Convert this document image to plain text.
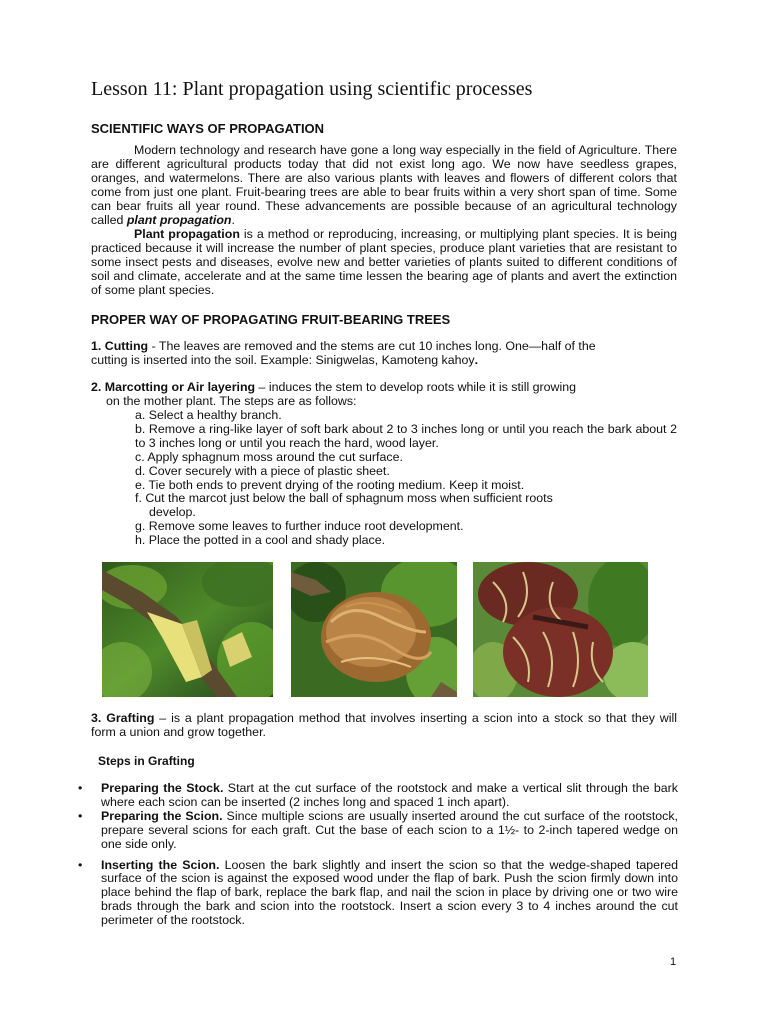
Lesson 11: Plant propagation using scientific processes
SCIENTIFIC WAYS OF PROPAGATION

Modern technology and research have gone a long way especially in the field of Agriculture. There are different agricultural products today that did not exist long ago. We now have seedless grapes, oranges, and watermelons. There are also various plants with leaves and flowers of different colors that come from just one plant. Fruit-bearing trees are able to bear fruits within a very short span of time. Some can bear fruits all year round. These advancements are possible because of an agricultural technology called plant propagation.

Plant propagation is a method or reproducing, increasing, or multiplying plant species. It is being practiced because it will increase the number of plant species, produce plant varieties that are resistant to some insect pests and diseases, evolve new and better varieties of plants suited to different conditions of soil and climate, accelerate and at the same time lessen the bearing age of plants and avert the extinction of some plant species.

PROPER WAY OF PROPAGATING FRUIT-BEARING TREES

1. Cutting - The leaves are removed and the stems are cut 10 inches long. One—half of the

cutting is inserted into the soil. Example: Sinigwelas, Kamoteng kahoy.

2. Marcotting or Air layering – induces the stem to develop roots while it is still growing

on the mother plant. The steps are as follows:

a. Select a healthy branch.
b. Remove a ring-like layer of soft bark about 2 to 3 inches long or until you reach the bark about 2 to 3 inches long or until you reach the hard, wood layer.
c. Apply sphagnum moss around the cut surface.
d. Cover securely with a piece of plastic sheet.
e. Tie both ends to prevent drying of the rooting medium. Keep it moist.
f. Cut the marcot just below the ball of sphagnum moss when sufficient roots
develop.
g. Remove some leaves to further induce root development.
h. Place the potted in a cool and shady place.

3. Grafting – is a plant propagation method that involves inserting a scion into a stock so that they will form a union and grow together.

Steps in Grafting
• Preparing the Stock. Start at the cut surface of the rootstock and make a vertical slit through the bark where each scion can be inserted (2 inches long and spaced 1 inch apart).
• Preparing the Scion. Since multiple scions are usually inserted around the cut surface of the rootstock, prepare several scions for each graft. Cut the base of each scion to a 1½- to 2-inch tapered wedge on one side only.
• Inserting the Scion. Loosen the bark slightly and insert the scion so that the wedge-shaped tapered surface of the scion is against the exposed wood under the flap of bark. Push the scion firmly down into place behind the flap of bark, replace the bark flap, and nail the scion in place by driving one or two wire brads through the bark and scion into the rootstock. Insert a scion every 3 to 4 inches around the cut perimeter of the rootstock.
1
